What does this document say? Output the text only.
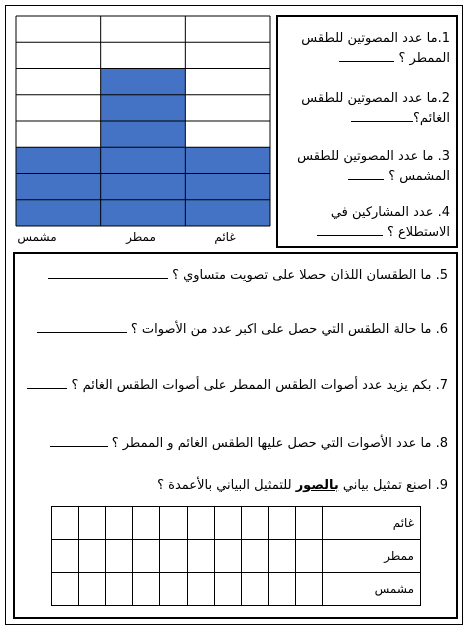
غائم
ممطر
مشمس
1.ما عدد المصوتين للطقس
الممطر ؟
2.ما عدد المصوتين للطقس
الغائم؟
3. ما عدد المصوتين للطقس
المشمس ؟
4. عدد المشاركين في
الاستطلاع ؟
5. ما الطقسان اللذان حصلا على تصويت متساوي ؟
6. ما حالة الطقس التي حصل على اكبر عدد من الأصوات ؟
7. بكم يزيد عدد أصوات الطقس الممطر على أصوات الطقس الغائم ؟
8. ما عدد الأصوات التي حصل عليها الطقس الغائم و الممطر ؟
9. اصنع تمثيل بياني بالصور للتمثيل البياني بالأعمدة ؟
غائم										
ممطر										
مشمس										
